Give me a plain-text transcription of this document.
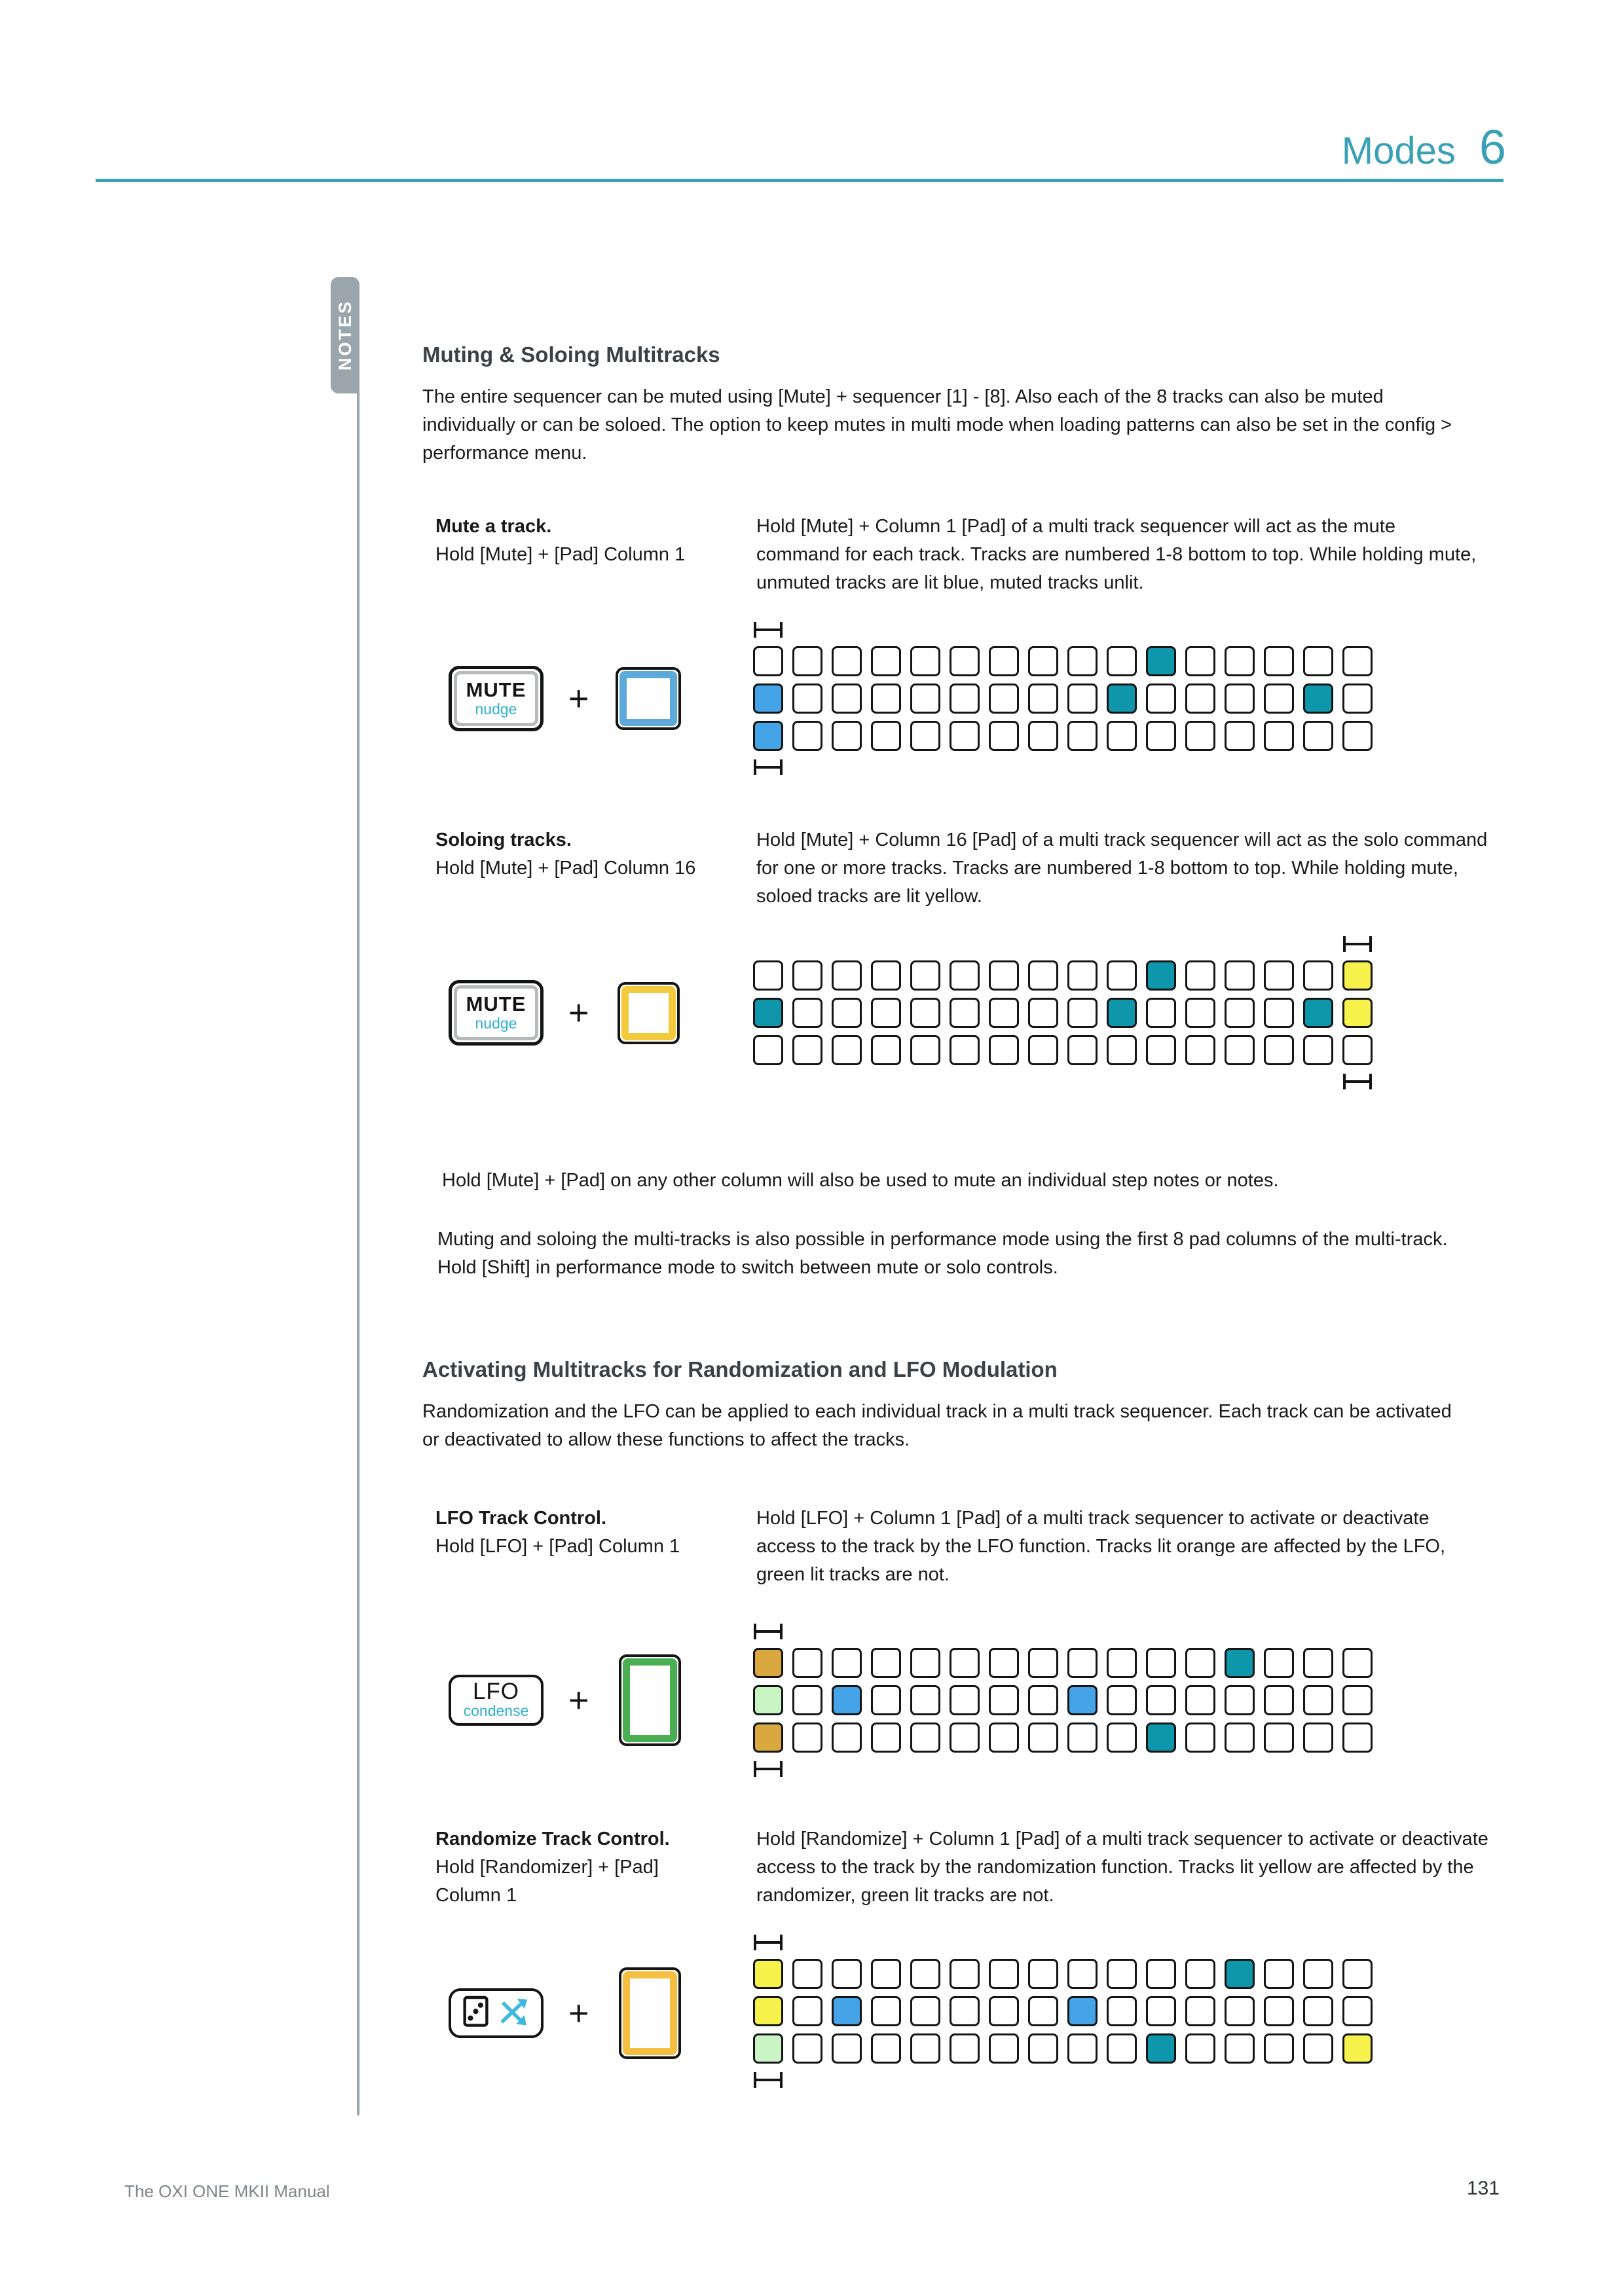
Modes 6
NOTES	Muting & Soloing Multitracks
The entire sequencer can be muted using [Mute] + sequencer [1] - [8]. Also each of the 8 tracks can also be muted individually or can be soloed. The option to keep mutes in multi mode when loading patterns can also be set in the config > performance menu.
Mute a track.
Hold [Mute] + [Pad] Column 1
Hold [Mute] + Column 1 [Pad] of a multi track sequencer will act as the mute command for each track. Tracks are numbered 1-8 bottom to top. While holding mute, unmuted tracks are lit blue, muted tracks unlit.
MUTE
nudge +
Soloing tracks.
Hold [Mute] + [Pad] Column 16
Hold [Mute] + Column 16 [Pad] of a multi track sequencer will act as the solo command for one or more tracks. Tracks are numbered 1-8 bottom to top. While holding mute, soloed tracks are lit yellow.
MUTE
nudge +
Hold [Mute] + [Pad] on any other column will also be used to mute an individual step notes or notes.
Muting and soloing the multi-tracks is also possible in performance mode using the first 8 pad columns of the multi-track. Hold [Shift] in performance mode to switch between mute or solo controls.
Activating Multitracks for Randomization and LFO Modulation
Randomization and the LFO can be applied to each individual track in a multi track sequencer. Each track can be activated or deactivated to allow these functions to affect the tracks.
LFO Track Control.
Hold [LFO] + [Pad] Column 1
Hold [LFO] + Column 1 [Pad] of a multi track sequencer to activate or deactivate access to the track by the LFO function. Tracks lit orange are affected by the LFO, green lit tracks are not.
LFO
condense +
Randomize Track Control.
Hold [Randomizer] + [Pad] Column 1
Hold [Randomize] + Column 1 [Pad] of a multi track sequencer to activate or deactivate access to the track by the randomization function. Tracks lit yellow are affected by the randomizer, green lit tracks are not.
+
The OXI ONE MKII Manual	131
